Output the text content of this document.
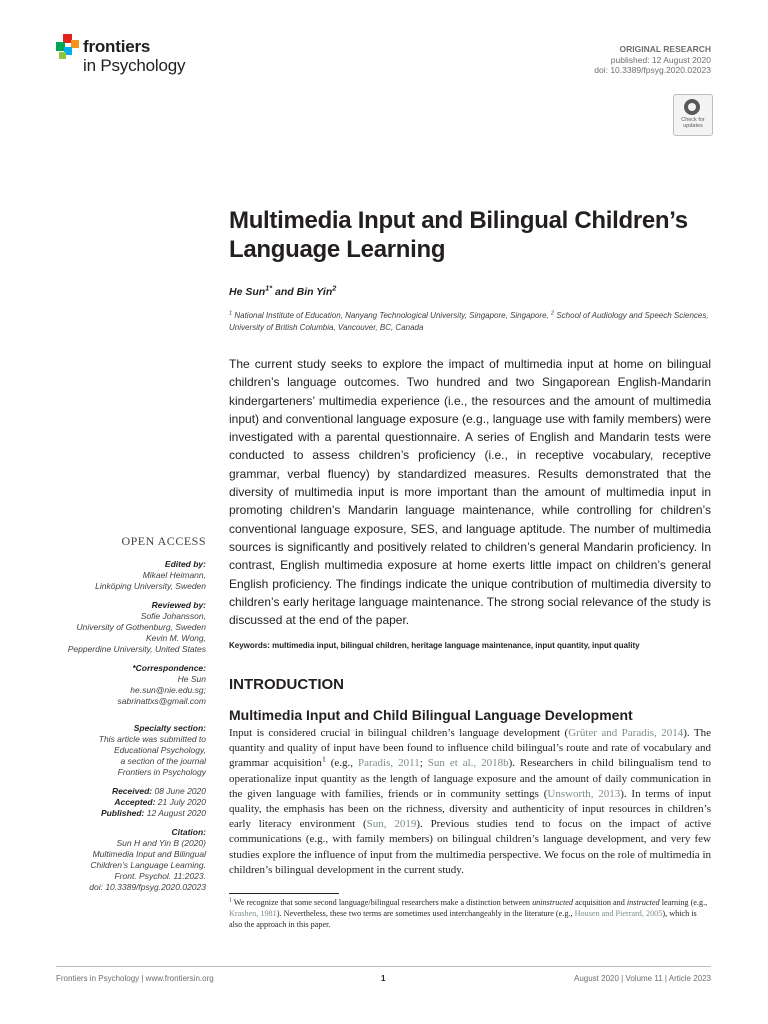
frontiers
in Psychology
ORIGINAL RESEARCH
published: 12 August 2020
doi: 10.3389/fpsyg.2020.02023
Check for
updates
Multimedia Input and Bilingual Children’s Language Learning
He Sun$^{1*}$ and Bin Yin$^2$
$^1$ National Institute of Education, Nanyang Technological University, Singapore, Singapore, $^2$ School of Audiology and Speech Sciences, University of British Columbia, Vancouver, BC, Canada
The current study seeks to explore the impact of multimedia input at home on bilingual children’s language outcomes. Two hundred and two Singaporean English-Mandarin kindergarteners’ multimedia experience (i.e., the resources and the amount of multimedia input) and conventional language exposure (e.g., language use with family members) were investigated with a parental questionnaire. A series of English and Mandarin tests were conducted to assess children’s proficiency (i.e., in receptive vocabulary, receptive grammar, verbal fluency) by standardized measures. Results demonstrated that the diversity of multimedia input is more important than the amount of multimedia input in promoting children’s Mandarin language maintenance, while controlling for children’s conventional language exposure, SES, and language aptitude. The number of multimedia sources is significantly and positively related to children’s general Mandarin proficiency. In contrast, English multimedia exposure at home exerts little impact on children’s general English proficiency. The findings indicate the unique contribution of multimedia diversity to children’s early heritage language maintenance. The strong social relevance of the study is discussed at the end of the paper.
Keywords: multimedia input, bilingual children, heritage language maintenance, input quantity, input quality
OPEN ACCESS
Edited by:
Mikael Heimann,
Linköping University, Sweden
Reviewed by:
Sofie Johansson,
University of Gothenburg, Sweden
Kevin M. Wong,
Pepperdine University, United States
*Correspondence:
He Sun
he.sun@nie.edu.sg;
sabrinattxs@gmail.com
Specialty section:
This article was submitted to
Educational Psychology,
a section of the journal
Frontiers in Psychology
Received: 08 June 2020
Accepted: 21 July 2020
Published: 12 August 2020
Citation:
Sun H and Yin B (2020)
Multimedia Input and Bilingual
Children’s Language Learning.
Front. Psychol. 11:2023.
doi: 10.3389/fpsyg.2020.02023
INTRODUCTION
Multimedia Input and Child Bilingual Language Development
Input is considered crucial in bilingual children’s language development (Grüter and Paradis, 2014). The quantity and quality of input have been found to influence child bilingual’s route and rate of vocabulary and grammar acquisition$^1$ (e.g., Paradis, 2011; Sun et al., 2018b). Researchers in child bilingualism tend to operationalize input quantity as the length of language exposure and the amount of daily communication in the given language with families, friends or in community settings (Unsworth, 2013). In terms of input quality, the emphasis has been on the richness, diversity and authenticity of input resources in children’s early literacy environment (Sun, 2019). Previous studies tend to focus on the impact of active communications (e.g., with family members) on bilingual children’s language development, and very few studies explore the influence of input from the multimedia perspective. We focus on the role of multimedia in children’s bilingual development in the current study.
$^1$ We recognize that some second language/bilingual researchers make a distinction between uninstructed acquisition and instructed learning (e.g., Krashen, 1981). Nevertheless, these two terms are sometimes used interchangeably in the literature (e.g., Housen and Pierrard, 2005), which is also the approach in this paper.
Frontiers in Psychology | www.frontiersin.org	1	August 2020 | Volume 11 | Article 2023
